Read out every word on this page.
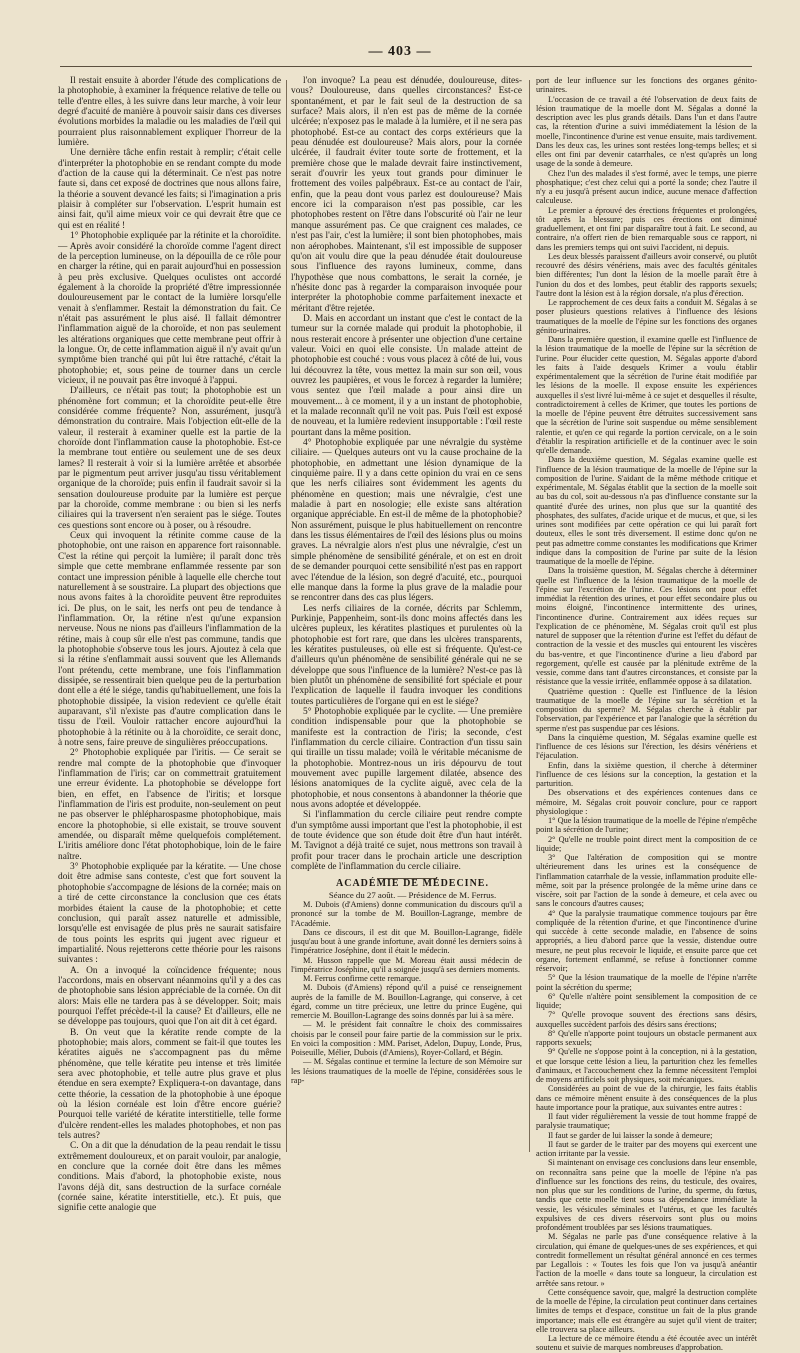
— 403 —

Il restait ensuite à aborder l'étude des complications de la photophobie, à examiner la fréquence relative de telle ou telle d'entre elles, à les suivre dans leur marche, à voir leur degré d'acuité de manière à pouvoir saisir dans ces diverses évolutions morbides la maladie ou les maladies de l'œil qui pourraient plus raisonnablement expliquer l'horreur de la lumière.

Une dernière tâche enfin restait à remplir; c'était celle d'interpréter la photophobie en se rendant compte du mode d'action de la cause qui la déterminait. Ce n'est pas notre faute si, dans cet exposé de doctrines que nous allons faire, la théorie a souvent devancé les faits; si l'imagination a pris plaisir à compléter sur l'observation. L'esprit humain est ainsi fait, qu'il aime mieux voir ce qui devrait être que ce qui est en réalité !

1° Photophobie expliquée par la rétinite et la choroïdite. — Après avoir considéré la choroïde comme l'agent direct de la perception lumineuse, on la dépouilla de ce rôle pour en charger la rétine, qui en parait aujourd'hui en possession à peu près exclusive. Quelques oculistes ont accordé également à la choroïde la propriété d'être impressionnée douloureusement par le contact de la lumière lorsqu'elle venait à s'enflammer. Restait la démonstration du fait. Ce n'était pas assurément le plus aisé. Il fallait démontrer l'inflammation aiguë de la choroïde, et non pas seulement les altérations organiques que cette membrane peut offrir à la longue. Or, de cette inflammation aiguë il n'y avait qu'un symptôme bien tranché qui pût lui être rattaché, c'était la photophobie; et, sous peine de tourner dans un cercle vicieux, il ne pouvait pas être invoqué à l'appui.

D'ailleurs, ce n'était pas tout; la photophobie est un phénomène fort commun; et la choroïdite peut-elle être considérée comme fréquente? Non, assurément, jusqu'à démonstration du contraire. Mais l'objection eût-elle de la valeur, il resterait à examiner quelle est la partie de la choroïde dont l'inflammation cause la photophobie. Est-ce la membrane tout entière ou seulement une de ses deux lames? Il resterait à voir si la lumière arrêtée et absorbée par le pigmentum peut arriver jusqu'au tissu véritablement organique de la choroïde; puis enfin il faudrait savoir si la sensation douloureuse produite par la lumière est perçue par la choroïde, comme membrane : ou bien si les nerfs ciliaires qui la traversent n'en seraient pas le siége. Toutes ces questions sont encore ou à poser, ou à résoudre.

Ceux qui invoquent la rétinite comme cause de la photophobie, ont une raison en apparence fort raisonnable. C'est la rétine qui perçoit la lumière; il paraît donc très simple que cette membrane enflammée ressente par son contact une impression pénible à laquelle elle cherche tout naturellement à se soustraire. La plupart des objections que nous avons faites à la choroïdite peuvent être reproduites ici. De plus, on le sait, les nerfs ont peu de tendance à l'inflammation. Or, la rétine n'est qu'une expansion nerveuse. Nous ne nions pas d'ailleurs l'inflammation de la rétine, mais à coup sûr elle n'est pas commune, tandis que la photophobie s'observe tous les jours. Ajoutez à cela que si la rétine s'enflammait aussi souvent que les Allemands l'ont prétendu, cette membrane, une fois l'inflammation dissipée, se ressentirait bien quelque peu de la perturbation dont elle a été le siége, tandis qu'habituellement, une fois la photophobie dissipée, la vision redevient ce qu'elle était auparavant, s'il n'existe pas d'autre complication dans le tissu de l'œil. Vouloir rattacher encore aujourd'hui la photophobie à la rétinite ou à la choroïdite, ce serait donc, à notre sens, faire preuve de singulières préoccupations.

2° Photophobie expliquée par l'iritis. — Ce serait se rendre mal compte de la photophobie que d'invoquer l'inflammation de l'iris; car on commettrait gratuitement une erreur évidente. La photophobie se développe fort bien, en effet, en l'absence de l'iritis; et lorsque l'inflammation de l'iris est produite, non-seulement on peut ne pas observer le phlépharospasme photophobique, mais encore la photophobie, si elle existait, se trouve souvent amendée, ou disparaît même quelquefois complétement. L'iritis améliore donc l'état photophobique, loin de le faire naître.

3° Photophobie expliquée par la kératite. — Une chose doit être admise sans conteste, c'est que fort souvent la photophobie s'accompagne de lésions de la cornée; mais on a tiré de cette circonstance la conclusion que ces états morbides étaient la cause de la photophobie; et cette conclusion, qui paraît assez naturelle et admissible, lorsqu'elle est envisagée de plus près ne saurait satisfaire de tous points les esprits qui jugent avec rigueur et impartialité. Nous rejetterons cette théorie pour les raisons suivantes :

A. On a invoqué la coïncidence fréquente; nous l'accordons, mais en observant néanmoins qu'il y a des cas de photophobie sans lésion appréciable de la cornée. On dit alors: Mais elle ne tardera pas à se développer. Soit; mais pourquoi l'effet précède-t-il la cause? Et d'ailleurs, elle ne se développe pas toujours, quoi que l'on ait dit à cet égard.

B. On veut que la kératite rende compte de la photophobie; mais alors, comment se fait-il que toutes les kératites aiguës ne s'accompagnent pas du même phénomène, que telle kératite peu intense et très limitée sera avec photophobie, et telle autre plus grave et plus étendue en sera exempte? Expliquera-t-on davantage, dans cette théorie, la cessation de la photophobie à une époque où la lésion cornéale est loin d'être encore guérie? Pourquoi telle variété de kératite interstitielle, telle forme d'ulcère rendent-elles les malades photophobes, et non pas tels autres?

C. On a dit que la dénudation de la peau rendait le tissu extrêmement douloureux, et on parait vouloir, par analogie, en conclure que la cornée doit être dans les mêmes conditions. Mais d'abord, la photophobie existe, nous l'avons déjà dit, sans destruction de la surface cornéale (cornée saine, kératite interstitielle, etc.). Et puis, que signifie cette analogie que

l'on invoque? La peau est dénudée, douloureuse, dites-vous? Douloureuse, dans quelles circonstances? Est-ce spontanément, et par le fait seul de la destruction de sa surface? Mais alors, il n'en est pas de même de la cornée ulcérée; n'exposez pas le malade à la lumière, et il ne sera pas photophobé. Est-ce au contact des corps extérieurs que la peau dénudée est douloureuse? Mais alors, pour la cornée ulcérée, il faudrait éviter toute sorte de frottement, et la première chose que le malade devrait faire instinctivement, serait d'ouvrir les yeux tout grands pour diminuer le frottement des voiles palpébraux. Est-ce au contact de l'air, enfin, que la peau dont vous parlez est douloureuse? Mais encore ici la comparaison n'est pas possible, car les photophobes restent on l'être dans l'obscurité où l'air ne leur manque assurément pas. Ce que craignent ces malades, ce n'est pas l'air, c'est la lumière; il sont bien photophobes, mais non aérophobes. Maintenant, s'il est impossible de supposer qu'on ait voulu dire que la peau dénudée était douloureuse sous l'influence des rayons lumineux, comme, dans l'hypothèse que nous combattons, le serait la cornée, je n'hésite donc pas à regarder la comparaison invoquée pour interpréter la photophobie comme parfaitement inexacte et méritant d'être rejetée.

D. Mais en accordant un instant que c'est le contact de la tumeur sur la cornée malade qui produit la photophobie, il nous resterait encore à présenter une objection d'une certaine valeur. Voici en quoi elle consiste. Un malade atteint de photophobie est couché : vous vous placez à côté de lui, vous lui découvrez la tête, vous mettez la main sur son œil, vous ouvrez les paupières, et vous le forcez à regarder la lumière; vous sentez que l'œil malade a pour ainsi dire un mouvement... à ce moment, il y a un instant de photophobie, et la malade reconnaît qu'il ne voit pas. Puis l'œil est exposé de nouveau, et la lumière redevient insupportable : l'œil reste pourtant dans la même position.

4° Photophobie expliquée par une névralgie du système ciliaire. — Quelques auteurs ont vu la cause prochaine de la photophobie, en admettant une lésion dynamique de la cinquième paire. Il y a dans cette opinion du vrai en ce sens que les nerfs ciliaires sont évidemment les agents du phénomène en question; mais une névralgie, c'est une maladie à part en nosologie; elle existe sans altération organique appréciable. En est-il de même de la photophobie? Non assurément, puisque le plus habituellement on rencontre dans les tissus élémentaires de l'œil des lésions plus ou moins graves. La névralgie alors n'est plus une névralgie, c'est un simple phénomène de sensibilité générale, et on est en droit de se demander pourquoi cette sensibilité n'est pas en rapport avec l'étendue de la lésion, son degré d'acuité, etc., pourquoi elle manque dans la forme la plus grave de la maladie pour se rencontrer dans des cas plus légers.

Les nerfs ciliaires de la cornée, décrits par Schlemm, Purkinje, Pappenheim, sont-ils donc moins affectés dans les ulcères pupleux, les kératites plastiques et purulentes où la photophobie est fort rare, que dans les ulcères transparents, les kératites pustuleuses, où elle est si fréquente. Qu'est-ce d'ailleurs qu'un phénomène de sensibilité générale qui ne se développe que sous l'influence de la lumière? N'est-ce pas là bien plutôt un phénomène de sensibilité fort spéciale et pour l'explication de laquelle il faudra invoquer les conditions toutes particulières de l'organe qui en est le siége?

5° Photophobie expliquée par le cyclite. — Une première condition indispensable pour que la photophobie se manifeste est la contraction de l'iris; la seconde, c'est l'inflammation du cercle ciliaire. Contraction d'un tissu sain qui tiraille un tissu malade; voilà le véritable mécanisme de la photophobie. Montrez-nous un iris dépourvu de tout mouvement avec pupille largement dilatée, absence des lésions anatomiques de la cyclite aiguë, avec cela de la photophobie, et nous consentons à abandonner la théorie que nous avons adoptée et développée.

Si l'inflammation du cercle ciliaire peut rendre compte d'un symptôme aussi important que l'est la photophobie, il est de toute évidence que son étude doit être d'un haut intérêt. M. Tavignot a déjà traité ce sujet, nous mettrons son travail à profit pour tracer dans le prochain article une description complète de l'inflammation du cercle ciliaire.

ACADÉMIE DE MÉDECINE.

Séance du 27 août. — Présidence de M. Ferrus.

M. Dubois (d'Amiens) donne communication du discours qu'il a prononcé sur la tombe de M. Bouillon-Lagrange, membre de l'Académie.

Dans ce discours, il est dit que M. Bouillon-Lagrange, fidèle jusqu'au bout à une grande infortune, avait donné les derniers soins à l'impératrice Joséphine, dont il était le médecin.

M. Husson rappelle que M. Moreau était aussi médecin de l'impératrice Joséphine, qu'il a soignée jusqu'à ses derniers moments.

M. Ferrus confirme cette remarque.

M. Dubois (d'Amiens) répond qu'il a puisé ce renseignement auprès de la famille de M. Bouillon-Lagrange, qui conserve, à cet égard, comme un titre précieux, une lettre du prince Eugène, qui remercie M. Bouillon-Lagrange des soins donnés par lui à sa mère.

— M. le président fait connaître le choix des commissaires choisis par le conseil pour faire partie de la commission sur le prix. En voici la composition : MM. Pariset, Adelon, Dupuy, Londe, Prus, Poiseuille, Mélier, Dubois (d'Amiens), Royer-Collard, et Bégin.

— M. Ségalas continue et termine la lecture de son Mémoire sur les lésions traumatiques de la moelle de l'épine, considérées sous le rap-

port de leur influence sur les fonctions des organes génito-urinaires.

L'occasion de ce travail a été l'observation de deux faits de lésion traumatique de la moelle dont M. Ségalas a donné la description avec les plus grands détails. Dans l'un et dans l'autre cas, la rétention d'urine a suivi immédiatement la lésion de la moelle, l'incontinence d'urine est venue ensuite, mais tardivement. Dans les deux cas, les urines sont restées long-temps belles; et si elles ont fini par devenir catarrhales, ce n'est qu'après un long usage de la sonde à demeure.

Chez l'un des malades il s'est formé, avec le temps, une pierre phosphatique; c'est chez celui qui a porté la sonde; chez l'autre il n'y a eu jusqu'à présent aucun indice, aucune menace d'affection calculeuse.

Le premier a éprouvé des érections fréquentes et prolongées, tôt après la blessure; puis ces érections ont diminué graduellement, et ont fini par disparaître tout à fait. Le second, au contraire, n'a offert rien de bien remarquable sous ce rapport, ni dans les premiers temps qui ont suivi l'accident, ni depuis.

Les deux blessés paraissent d'ailleurs avoir conservé, ou plutôt recouvré des désirs vénériens, mais avec des facultés génitales bien différentes; l'un dont la lésion de la moelle paraît être à l'union du dos et des lombes, peut établir des rapports sexuels; l'autre dont la lésion est à la région dorsale, n'a plus d'érection.

Le rapprochement de ces deux faits a conduit M. Ségalas à se poser plusieurs questions relatives à l'influence des lésions traumatiques de la moelle de l'épine sur les fonctions des organes génito-urinaires.

Dans la première question, il examine quelle est l'influence de la lésion traumatique de la moelle de l'épine sur la sécrétion de l'urine. Pour élucider cette question, M. Ségalas apporte d'abord les faits à l'aide desquels Krimer a voulu établir expérimentalement que la sécrétion de l'urine était modifiée par les lésions de la moelle. Il expose ensuite les expériences auxquelles il s'est livré lui-même à ce sujet et desquelles il résulte, contradictoirement à celles de Krimer, que toutes les portions de la moelle de l'épine peuvent être détruites successivement sans que la sécrétion de l'urine soit suspendue ou même sensiblement ralentie, et qu'en ce qui regarde la portion cervicale, on a le soin d'établir la respiration artificielle et de la continuer avec le soin qu'elle demande.

Dans la deuxième question, M. Ségalas examine quelle est l'influence de la lésion traumatique de la moelle de l'épine sur la composition de l'urine. S'aidant de la même méthode critique et expérimentale, M. Ségalas établit que la section de la moelle soit au bas du col, soit au-dessous n'a pas d'influence constante sur la quantité d'urée des urines, non plus que sur la quantité des phosphates, des sulfates, d'acide urique et de mucus, et que, si les urines sont modifiées par cette opération ce qui lui paraît fort douteux, elles le sont très diversement. Il estime donc qu'on ne peut pas admettre comme constantes les modifications que Krimer indique dans la composition de l'urine par suite de la lésion traumatique de la moelle de l'épine.

Dans la troisième question, M. Ségalas cherche à déterminer quelle est l'influence de la lésion traumatique de la moelle de l'épine sur l'excrétion de l'urine. Ces lésions ont pour effet immédiat la rétention des urines, et pour effet secondaire plus ou moins éloigné, l'incontinence intermittente des urines, l'incontinence d'urine. Contrairement aux idées reçues sur l'explication de ce phénomène, M. Ségalas croit qu'il est plus naturel de supposer que la rétention d'urine est l'effet du défaut de contraction de la vessie et des muscles qui entourent les viscères du bas-ventre, et que l'incontinence d'urine a lieu d'abord par regorgement, qu'elle est causée par la plénitude extrême de la vessie, comme dans tant d'autres circonstances, et consiste par la résistance que la vessie irritée, enflammée oppose à sa dilatation.

Quatrième question : Quelle est l'influence de la lésion traumatique de la moelle de l'épine sur la sécrétion et la composition du sperme? M. Ségalas cherche à établir par l'observation, par l'expérience et par l'analogie que la sécrétion du sperme n'est pas suspendue par ces lésions.

Dans la cinquième question, M. Ségalas examine quelle est l'influence de ces lésions sur l'érection, les désirs vénériens et l'éjaculation.

Enfin, dans la sixième question, il cherche à déterminer l'influence de ces lésions sur la conception, la gestation et la parturition.

Des observations et des expériences contenues dans ce mémoire, M. Ségalas croit pouvoir conclure, pour ce rapport physiologique :

1° Que la lésion traumatique de la moelle de l'épine n'empêche point la sécrétion de l'urine;

2° Qu'elle ne trouble point direct ment la composition de ce liquide;

3° Que l'altération de composition qui se montre ultérieurement dans les urines est la conséquence de l'inflammation catarrhale de la vessie, inflammation produite elle-même, soit par la présence prolongée de la même urine dans ce viscère, soit par l'action de la sonde à demeure, et cela avec ou sans le concours d'autres causes;

4° Que la paralysie traumatique commence toujours par être compliquée de la rétention d'urine, et que l'incontinence d'urine qui succède à cette seconde maladie, en l'absence de soins appropriés, a lieu d'abord parce que la vessie, distendue outre mesure, ne peut plus recevoir le liquide, et ensuite parce que cet organe, fortement enflammé, se refuse à fonctionner comme réservoir;

5° Que la lésion traumatique de la moelle de l'épine n'arrête point la sécrétion du sperme;

6° Qu'elle n'altère point sensiblement la composition de ce liquide;

7° Qu'elle provoque souvent des érections sans désirs, auxquelles succèdent parfois des désirs sans érections;

8° Qu'elle n'apporte point toujours un obstacle permanent aux rapports sexuels;

9° Qu'elle ne s'oppose point à la conception, ni à la gestation, et que lorsque cette lésion a lieu, la parturition chez les femelles d'animaux, et l'accouchement chez la femme nécessitent l'emploi de moyens artificiels soit physiques, soit mécaniques.

Considérées au point de vue de la chirurgie, les faits établis dans ce mémoire mènent ensuite à des conséquences de la plus haute importance pour la pratique, aux suivantes entre autres :

Il faut vider régulièrement la vessie de tout homme frappé de paralysie traumatique;

Il faut se garder de lui laisser la sonde à demeure;

Il faut se garder de le traiter par des moyens qui exercent une action irritante par la vessie.

Si maintenant on envisage ces conclusions dans leur ensemble, on reconnaîtra sans peine que la moelle de l'épine n'a pas d'influence sur les fonctions des reins, du testicule, des ovaires, non plus que sur les conditions de l'urine, du sperme, du fœtus, tandis que cette moelle tient sous sa dépendance immédiate la vessie, les vésicules séminales et l'utérus, et que les facultés expulsives de ces divers réservoirs sont plus ou moins profondément troublées par ses lésions traumatiques.

M. Ségalas ne parle pas d'une conséquence relative à la circulation, qui émane de quelques-unes de ses expériences, et qui contredit formellement un résultat général annoncé en ces termes par Legallois : « Toutes les fois que l'on va jusqu'à anéantir l'action de la moelle « dans toute sa longueur, la circulation est arrêtée sans retour. »

Cette conséquence savoir, que, malgré la destruction complète de la moelle de l'épine, la circulation peut continuer dans certaines limites de temps et d'espace, constitue un fait de la plus grande importance; mais elle est étrangère au sujet qu'il vient de traiter; elle trouvera sa place ailleurs.

La lecture de ce mémoire étendu a été écoutée avec un intérêt soutenu et suivie de marques nombreuses d'approbation.
